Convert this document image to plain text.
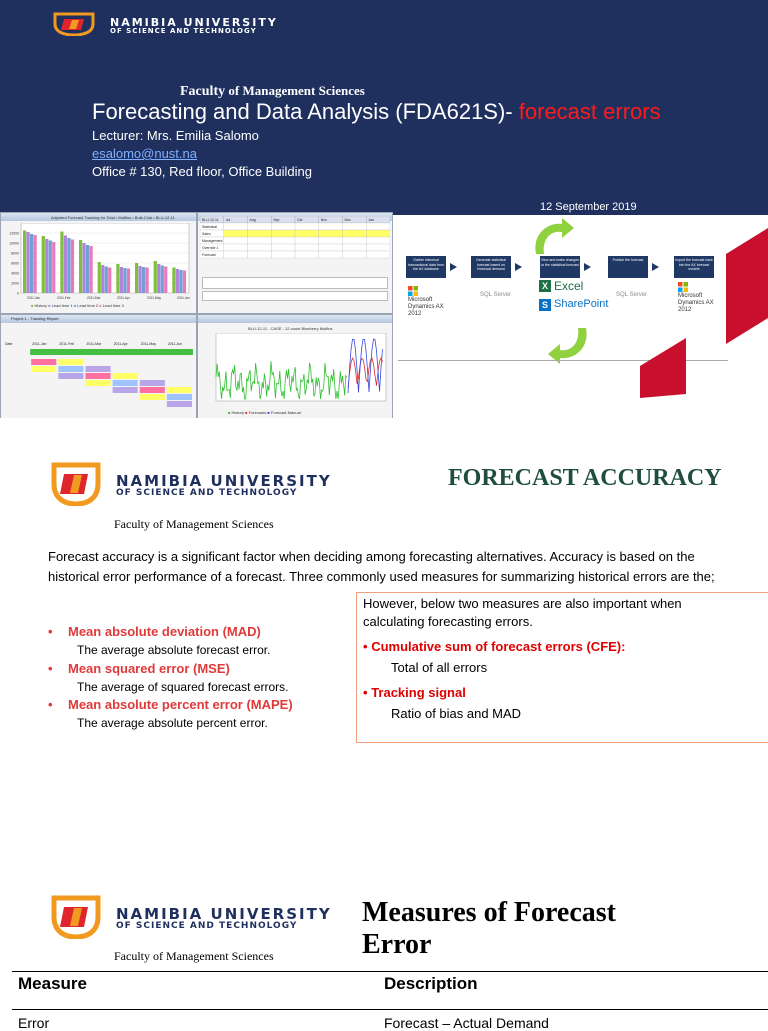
NAMIBIA UNIVERSITY
OF SCIENCE AND TECHNOLOGY
Faculty of Management Sciences
Forecasting and Data Analysis (FDA621S)- forecast errors
Lecturer: Mrs. Emilia Salomo
esalomo@nust.na
Office # 130, Red floor, Office Building
12 September 2019
Adjusted Forecast Tracking for Total • Muffins • Bulk-Club • BLU-12-11
0
2000
4000
6000
8000
10000
12000
2011-Jan	2011-Feb	2011-Mar	2011-Apr	2011-May	2011-Jun
■ History ■ Lead time 1 ■ Lead time 2 ■ Lead time 3
BLU-12-11 Jul	Aug	Sep	Oct	Nov	Dec	Jan
Statistical
Sales
Management
Override 1
Forecast
Project 1 - Tracking Report
Date	2011-Jan	2011-Feb	2011-Mar	2011-Apr	2011-May	2011-Jun
BLU-12-11 - CASE - 12 count Blueberry Muffins
■ History ■ Forecasts ■ Forecast Manual
Gather historical transactional data from the AX database
Generate statistical forecast based on historical demand
View and make changes to the statistical forecast
Publish the forecast	Import the forecast back into the AX forecast models
Microsoft Dynamics AX 2012
SQL Server
X Excel
S SharePoint
SQL Server	Microsoft Dynamics AX 2012
NAMIBIA UNIVERSITY
OF SCIENCE AND TECHNOLOGY
FORECAST ACCURACY
Faculty of Management Sciences
Forecast accuracy is a significant factor when deciding among forecasting alternatives. Accuracy is based on the historical error performance of a forecast. Three commonly used measures for summarizing historical errors are the;
• Mean absolute deviation (MAD)
The average absolute forecast error.
• Mean squared error (MSE)
The average of squared forecast errors.
• Mean absolute percent error (MAPE)
The average absolute percent error.
However, below two measures are also important when calculating forecasting errors.
• Cumulative sum of forecast errors (CFE):
Total of all errors
• Tracking signal
Ratio of bias and MAD
NAMIBIA UNIVERSITY
OF SCIENCE AND TECHNOLOGY Measures of Forecast Error
Faculty of Management Sciences
Measure	Description
Error	Forecast – Actual Demand
